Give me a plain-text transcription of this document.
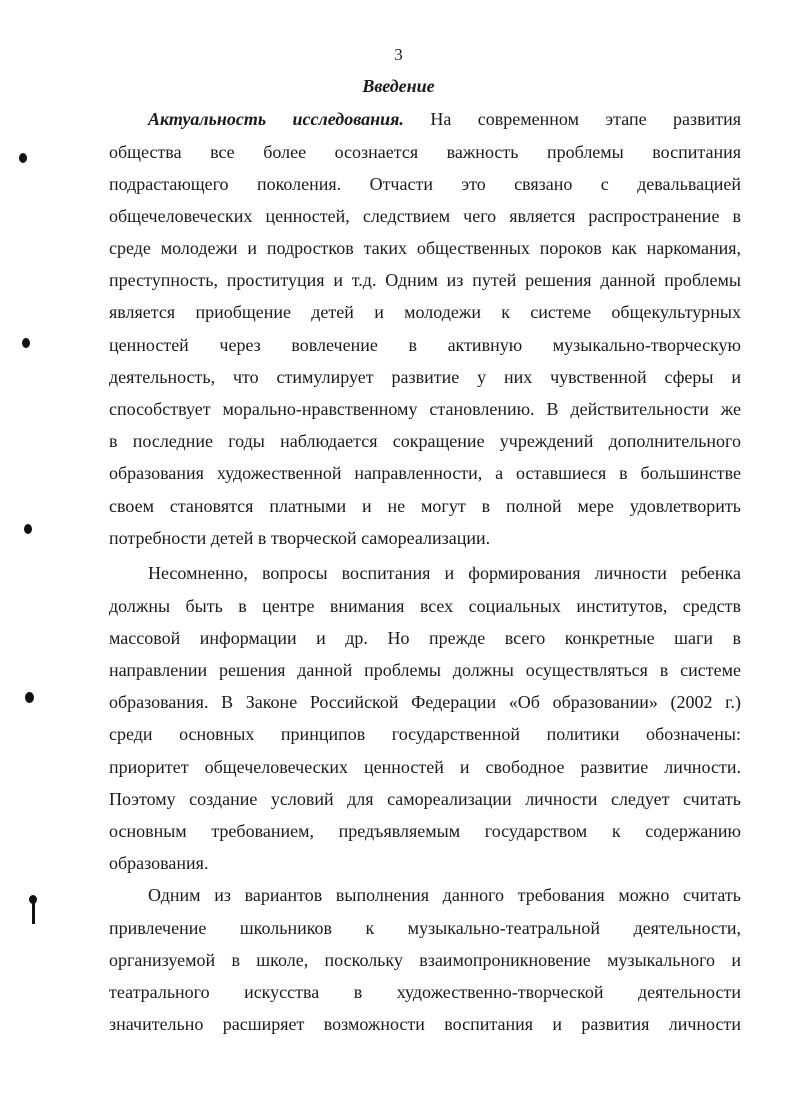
3
Введение
Актуальность исследования. На современном этапе развития
общества все более осознается важность проблемы воспитания
подрастающего поколения. Отчасти это связано с девальвацией
общечеловеческих ценностей, следствием чего является распространение в
среде молодежи и подростков таких общественных пороков как наркомания,
преступность, проституция и т.д. Одним из путей решения данной проблемы
является приобщение детей и молодежи к системе общекультурных
ценностей через вовлечение в активную музыкально-творческую
деятельность, что стимулирует развитие у них чувственной сферы и
способствует морально-нравственному становлению. В действительности же
в последние годы наблюдается сокращение учреждений дополнительного
образования художественной направленности, а оставшиеся в большинстве
своем становятся платными и не могут в полной мере удовлетворить
потребности детей в творческой самореализации.
Несомненно, вопросы воспитания и формирования личности ребенка
должны быть в центре внимания всех социальных институтов, средств
массовой информации и др. Но прежде всего конкретные шаги в
направлении решения данной проблемы должны осуществляться в системе
образования. В Законе Российской Федерации «Об образовании» (2002 г.)
среди основных принципов государственной политики обозначены:
приоритет общечеловеческих ценностей и свободное развитие личности.
Поэтому создание условий для самореализации личности следует считать
основным требованием, предъявляемым государством к содержанию
образования.
Одним из вариантов выполнения данного требования можно считать
привлечение школьников к музыкально-театральной деятельности,
организуемой в школе, поскольку взаимопроникновение музыкального и
театрального искусства в художественно-творческой деятельности
значительно расширяет возможности воспитания и развития личности
